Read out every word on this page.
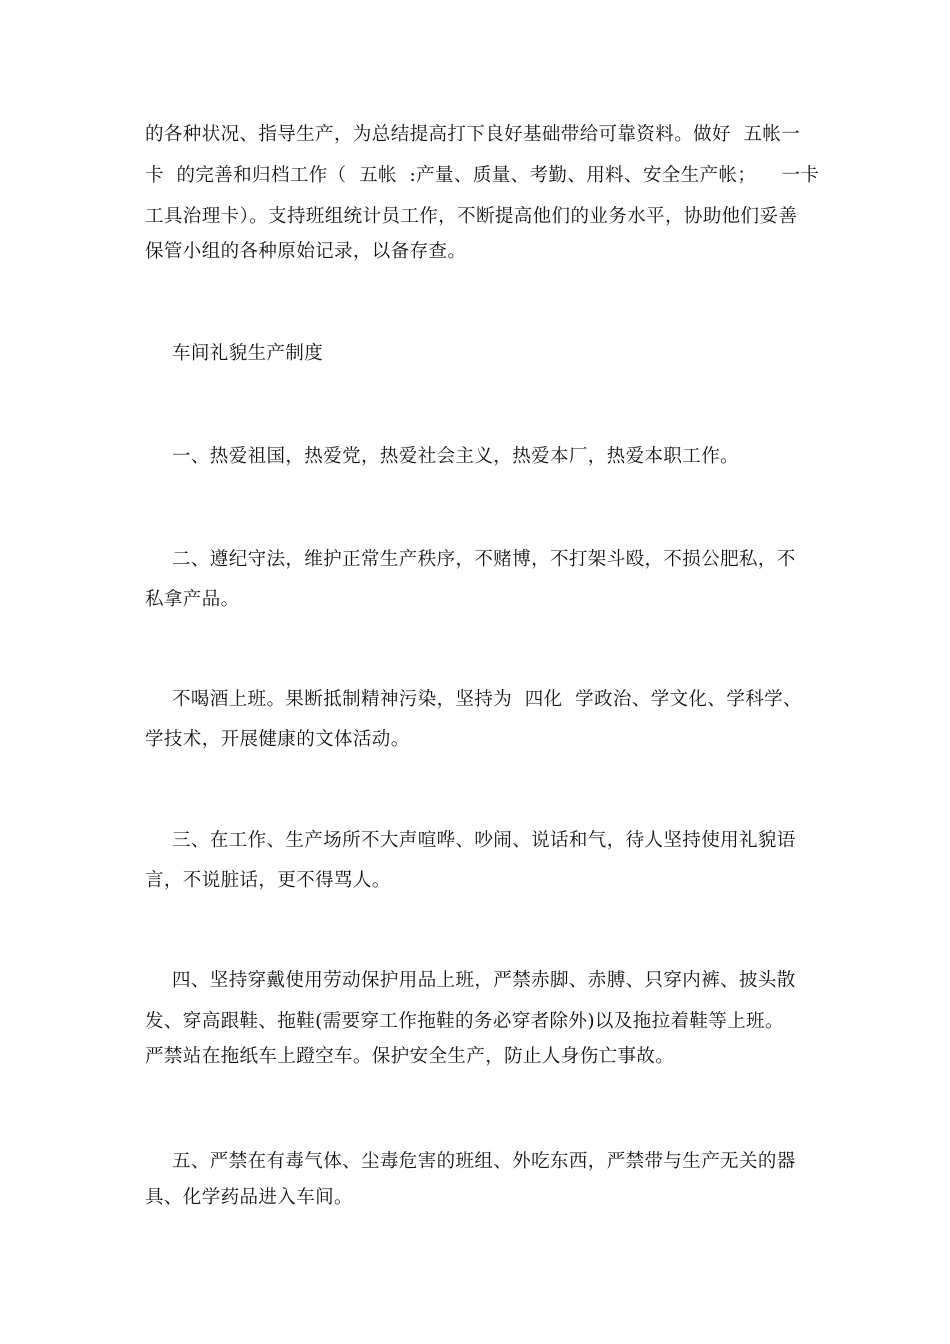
的各种状况、指导生产，为总结提高打下良好基础带给可靠资料。做好  五帐一
卡  的完善和归档工作（  五帐  :产量、质量、考勤、用料、安全生产帐；    一卡
工具治理卡）。支持班组统计员工作，不断提高他们的业务水平，协助他们妥善
保管小组的各种原始记录，以备存查。
车间礼貌生产制度
一、热爱祖国，热爱党，热爱社会主义，热爱本厂，热爱本职工作。
二、遵纪守法，维护正常生产秩序，不赌博，不打架斗殴，不损公肥私，不
私拿产品。
不喝酒上班。果断抵制精神污染，坚持为  四化  学政治、学文化、学科学、
学技术，开展健康的文体活动。
三、在工作、生产场所不大声喧哗、吵闹、说话和气，待人坚持使用礼貌语
言，不说脏话，更不得骂人。
四、坚持穿戴使用劳动保护用品上班，严禁赤脚、赤膊、只穿内裤、披头散
发、穿高跟鞋、拖鞋(需要穿工作拖鞋的务必穿者除外)以及拖拉着鞋等上班。
严禁站在拖纸车上蹬空车。保护安全生产，防止人身伤亡事故。
五、严禁在有毒气体、尘毒危害的班组、外吃东西，严禁带与生产无关的器
具、化学药品进入车间。
